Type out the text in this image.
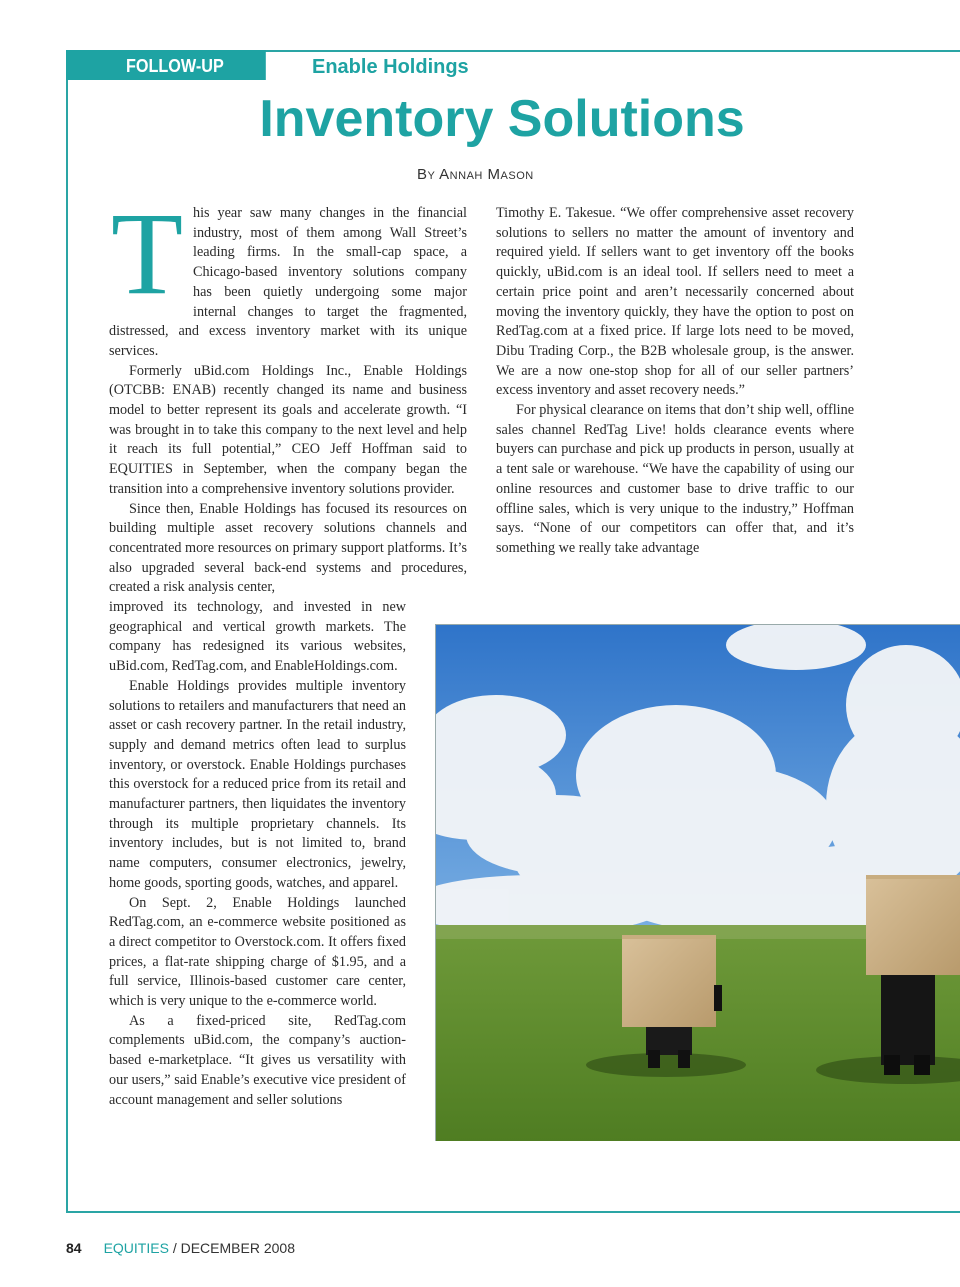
FOLLOW-UP	Enable Holdings
Inventory Solutions
By Annah Mason
T his year saw many changes in the financial industry, most of them among Wall Street’s leading firms. In the small-cap space, a Chicago-based inventory solutions company has been quietly undergoing some major internal changes to target the fragmented, distressed, and excess inventory market with its unique services.

Formerly uBid.com Holdings Inc., Enable Holdings (OTCBB: ENAB) recently changed its name and business model to better represent its goals and accelerate growth. “I was brought in to take this company to the next level and help it reach its full potential,” CEO Jeff Hoffman said to EQUITIES in September, when the company began the transition into a comprehensive inventory solutions provider.

Since then, Enable Holdings has focused its resources on building multiple asset recovery solutions channels and concentrated more resources on primary support platforms. It’s also upgraded several back-end systems and procedures, created a risk analysis center,

improved its technology, and invested in new geographical and vertical growth markets. The company has redesigned its various websites, uBid.com, RedTag.com, and EnableHoldings.com.

Enable Holdings provides multiple inventory solutions to retailers and manufacturers that need an asset or cash recovery partner. In the retail industry, supply and demand metrics often lead to surplus inventory, or overstock. Enable Holdings purchases this overstock for a reduced price from its retail and manufacturer partners, then liquidates the inventory through its multiple proprietary channels. Its inventory includes, but is not limited to, brand name computers, consumer electronics, jewelry, home goods, sporting goods, watches, and apparel.

On Sept. 2, Enable Holdings launched RedTag.com, an e-commerce website positioned as a direct competitor to Overstock.com. It offers fixed prices, a flat-rate shipping charge of $1.95, and a full service, Illinois-based customer care center, which is very unique to the e-commerce world.

As a fixed-priced site, RedTag.com complements uBid.com, the company’s auction-based e-marketplace. “It gives us versatility with our users,” said Enable’s executive vice president of account management and seller solutions

Timothy E. Takesue. “We offer comprehensive asset recovery solutions to sellers no matter the amount of inventory and required yield. If sellers want to get inventory off the books quickly, uBid.com is an ideal tool. If sellers need to meet a certain price point and aren’t necessarily concerned about moving the inventory quickly, they have the option to post on RedTag.com at a fixed price. If large lots need to be moved, Dibu Trading Corp., the B2B wholesale group, is the answer. We are a now one-stop shop for all of our seller partners’ excess inventory and asset recovery needs.”

For physical clearance on items that don’t ship well, offline sales channel RedTag Live! holds clearance events where buyers can purchase and pick up products in person, usually at a tent sale or warehouse. “We have the capability of using our online resources and customer base to drive traffic to our offline sales, which is very unique to the industry,” Hoffman says. “None of our competitors can offer that, and it’s something we really take advantage

84 EQUITIES / DECEMBER 2008
